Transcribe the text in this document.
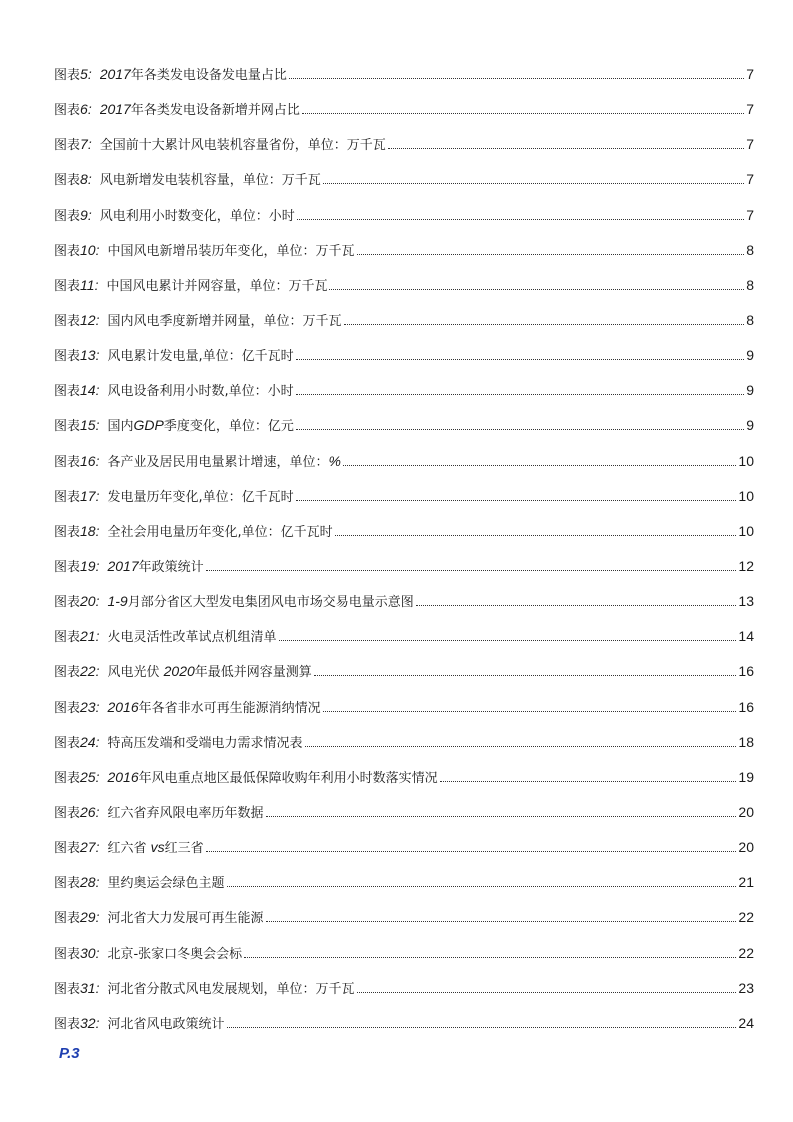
图表 5 : 2017年各类发电设备发电量占比	7
图表 6 : 2017年各类发电设备新增并网占比	7
图表 7 : 全国前十大累计风电装机容量省份，单位：万千瓦	7
图表 8 : 风电新增发电装机容量，单位：万千瓦	7
图表 9 : 风电利用小时数变化，单位：小时	7
图表 10 : 中国风电新增吊装历年变化，单位：万千瓦	8
图表 11 : 中国风电累计并网容量，单位：万千瓦	8
图表 12 : 国内风电季度新增并网量，单位：万千瓦	8
图表 13 : 风电累计发电量,单位：亿千瓦时	9
图表 14 : 风电设备利用小时数,单位：小时	9
图表 15 : 国内GDP季度变化，单位：亿元	9
图表 16 : 各产业及居民用电量累计增速，单位：%	10
图表 17 : 发电量历年变化,单位：亿千瓦时	10
图表 18 : 全社会用电量历年变化,单位：亿千瓦时	10
图表 19 : 2017年政策统计	12
图表 20 : 1-9月部分省区大型发电集团风电市场交易电量示意图	13
图表 21 : 火电灵活性改革试点机组清单	14
图表 22 : 风电光伏 2020年最低并网容量测算	16
图表 23 : 2016年各省非水可再生能源消纳情况	16
图表 24 : 特高压发端和受端电力需求情况表	18
图表 25 : 2016年风电重点地区最低保障收购年利用小时数落实情况	19
图表 26 : 红六省弃风限电率历年数据	20
图表 27 : 红六省 vs红三省	20
图表 28 : 里约奥运会绿色主题	21
图表 29 : 河北省大力发展可再生能源	22
图表 30 : 北京-张家口冬奥会会标	22
图表 31 : 河北省分散式风电发展规划，单位：万千瓦	23
图表 32 : 河北省风电政策统计	24
P.3
